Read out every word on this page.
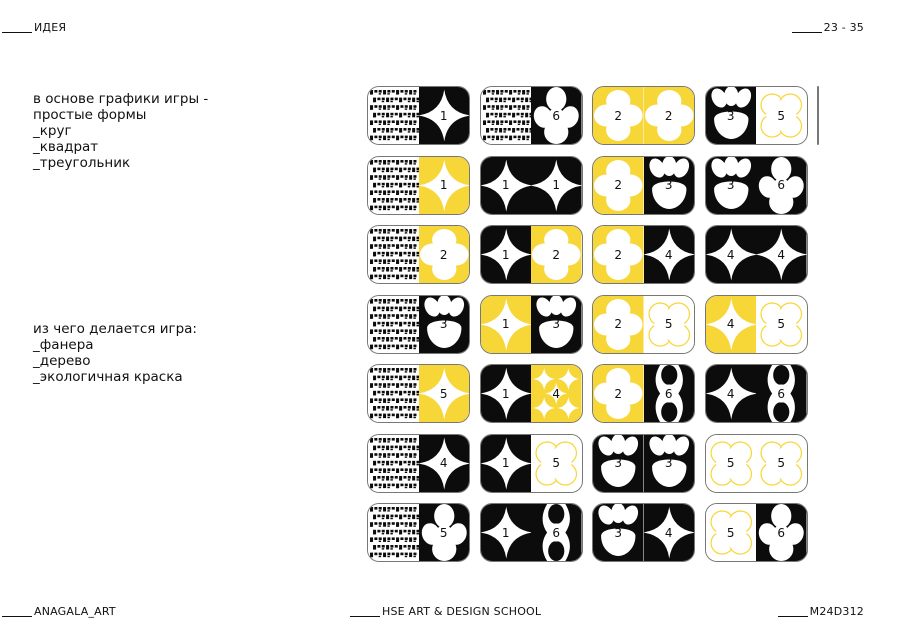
ИДЕЯ	23 - 35
в основе графики игры -
простые формы
_круг
_квадрат
_треугольник
из чего делается игра:
_фанера
_дерево
_экологичная краска
1
1
2
3
5
4
5
6
1	1
1	2
1	3
1	4
1	5
1	6
2	2
2	3
2	4
2	5
2	6
3	3
3	4
3	5
3	6
4	4
4	5
4	6
5	5
5	6
ANAGALA_ART	HSE ART & DESIGN SCHOOL	M24D312
